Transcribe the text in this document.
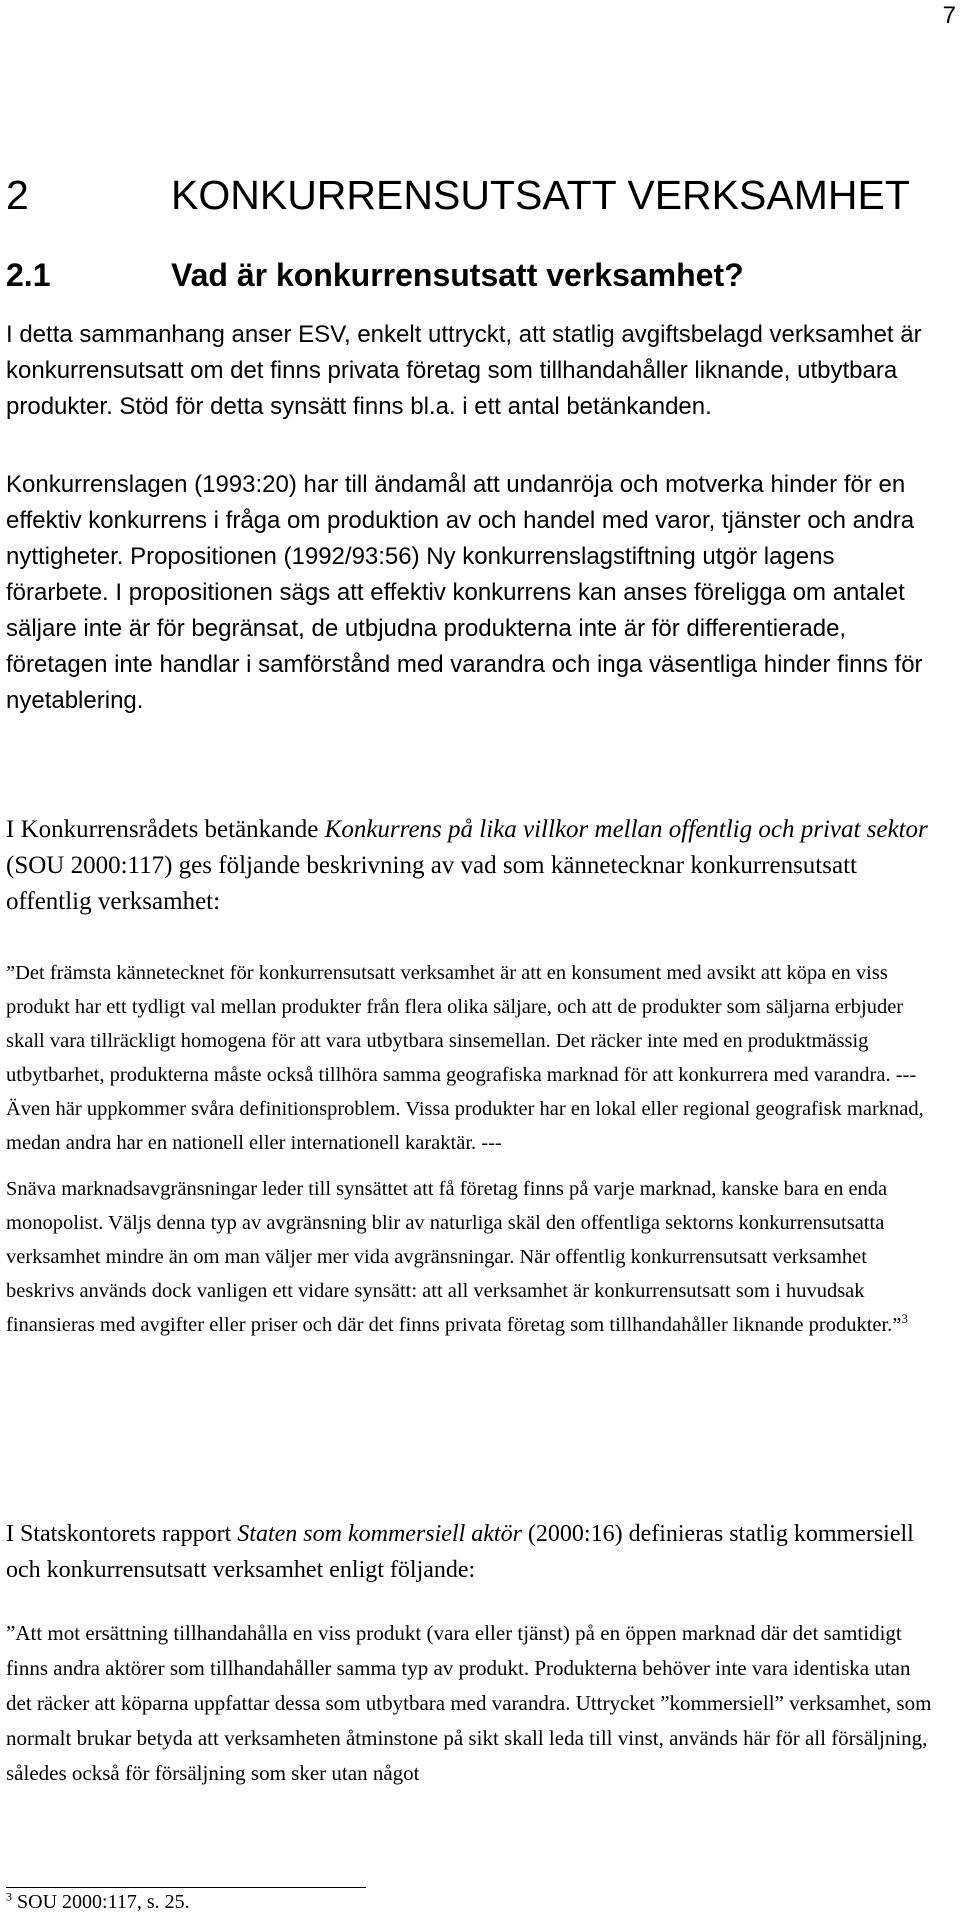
7
2	KONKURRENSUTSATT VERKSAMHET
2.1	Vad är konkurrensutsatt verksamhet?
I detta sammanhang anser ESV, enkelt uttryckt, att statlig avgiftsbelagd verksamhet är konkurrensutsatt om det finns privata företag som tillhandahåller liknande, utbytbara produkter. Stöd för detta synsätt finns bl.a. i ett antal betänkanden.
Konkurrenslagen (1993:20) har till ändamål att undanröja och motverka hinder för en effektiv konkurrens i fråga om produktion av och handel med varor, tjänster och andra nyttigheter. Propositionen (1992/93:56) Ny konkurrenslagstiftning utgör lagens förarbete. I propositionen sägs att effektiv konkurrens kan anses föreligga om antalet säljare inte är för begränsat, de utbjudna produkterna inte är för differentierade, företagen inte handlar i samförstånd med varandra och inga väsentliga hinder finns för nyetablering.
I Konkurrensrådets betänkande Konkurrens på lika villkor mellan offentlig och privat sektor (SOU 2000:117) ges följande beskrivning av vad som kännetecknar konkurrensutsatt offentlig verksamhet:
”Det främsta kännetecknet för konkurrensutsatt verksamhet är att en konsument med avsikt att köpa en viss produkt har ett tydligt val mellan produkter från flera olika säljare, och att de produkter som säljarna erbjuder skall vara tillräckligt homogena för att vara utbytbara sinsemellan. Det räcker inte med en produktmässig utbytbarhet, produkterna måste också tillhöra samma geografiska marknad för att konkurrera med varandra. --- Även här uppkommer svåra definitionsproblem. Vissa produkter har en lokal eller regional geografisk marknad, medan andra har en nationell eller internationell karaktär. ---
Snäva marknadsavgränsningar leder till synsättet att få företag finns på varje marknad, kanske bara en enda monopolist. Väljs denna typ av avgränsning blir av naturliga skäl den offentliga sektorns konkurrensutsatta verksamhet mindre än om man väljer mer vida avgränsningar. När offentlig konkurrensutsatt verksamhet beskrivs används dock vanligen ett vidare synsätt: att all verksamhet är konkurrensutsatt som i huvudsak finansieras med avgifter eller priser och där det finns privata företag som tillhandahåller liknande produkter.”$^3$
I Statskontorets rapport Staten som kommersiell aktör (2000:16) definieras statlig kommersiell och konkurrensutsatt verksamhet enligt följande:
”Att mot ersättning tillhandahålla en viss produkt (vara eller tjänst) på en öppen marknad där det samtidigt finns andra aktörer som tillhandahåller samma typ av produkt. Produkterna behöver inte vara identiska utan det räcker att köparna uppfattar dessa som utbytbara med varandra. Uttrycket ”kommersiell” verksamhet, som normalt brukar betyda att verksamheten åtminstone på sikt skall leda till vinst, används här för all försäljning, således också för försäljning som sker utan något
$^3$ SOU 2000:117, s. 25.
